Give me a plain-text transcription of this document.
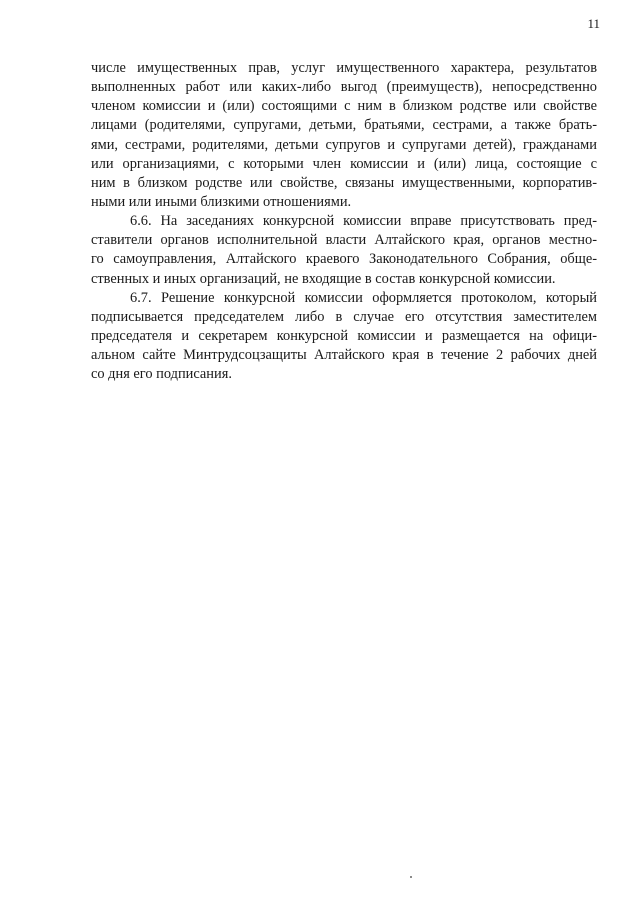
11
числе имущественных прав, услуг имущественного характера, результатов
выполненных работ или каких-либо выгод (преимуществ), непосредственно
членом комиссии и (или) состоящими с ним в близком родстве или свойстве
лицами (родителями, супругами, детьми, братьями, сестрами, а также брать-
ями, сестрами, родителями, детьми супругов и супругами детей), гражданами
или организациями, с которыми член комиссии и (или) лица, состоящие с
ним в близком родстве или свойстве, связаны имущественными, корпоратив-
ными или иными близкими отношениями.
6.6. На заседаниях конкурсной комиссии вправе присутствовать пред-
ставители органов исполнительной власти Алтайского края, органов местно-
го самоуправления, Алтайского краевого Законодательного Собрания, обще-
ственных и иных организаций, не входящие в состав конкурсной комиссии.
6.7. Решение конкурсной комиссии оформляется протоколом, который
подписывается председателем либо в случае его отсутствия заместителем
председателя и секретарем конкурсной комиссии и размещается на офици-
альном сайте Минтрудсоцзащиты Алтайского края в течение 2 рабочих дней
со дня его подписания.
